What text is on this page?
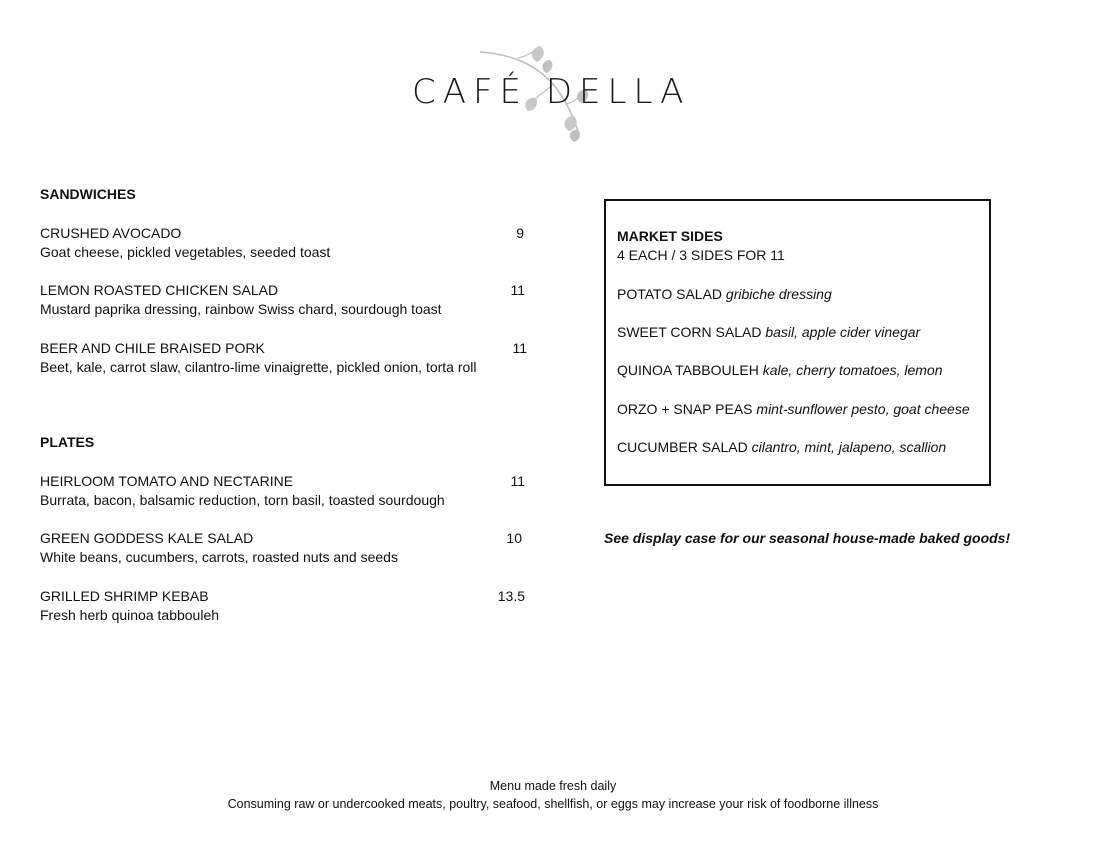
CAFÉ DELLA
SANDWICHES
CRUSHED AVOCADO
Goat cheese, pickled vegetables, seeded toast
9
LEMON ROASTED CHICKEN SALAD
Mustard paprika dressing, rainbow Swiss chard, sourdough toast
11
BEER AND CHILE BRAISED PORK
Beet, kale, carrot slaw, cilantro-lime vinaigrette, pickled onion, torta roll
11
PLATES
HEIRLOOM TOMATO AND NECTARINE
Burrata, bacon, balsamic reduction, torn basil, toasted sourdough
11
GREEN GODDESS KALE SALAD
White beans, cucumbers, carrots, roasted nuts and seeds
10
GRILLED SHRIMP KEBAB
Fresh herb quinoa tabbouleh
13.5
MARKET SIDES
4 EACH / 3 SIDES FOR 11
POTATO SALAD gribiche dressing
SWEET CORN SALAD basil, apple cider vinegar
QUINOA TABBOULEH kale, cherry tomatoes, lemon
ORZO + SNAP PEAS mint-sunflower pesto, goat cheese
CUCUMBER SALAD cilantro, mint, jalapeno, scallion
See display case for our seasonal house-made baked goods!
Menu made fresh daily
Consuming raw or undercooked meats, poultry, seafood, shellfish, or eggs may increase your risk of foodborne illness
